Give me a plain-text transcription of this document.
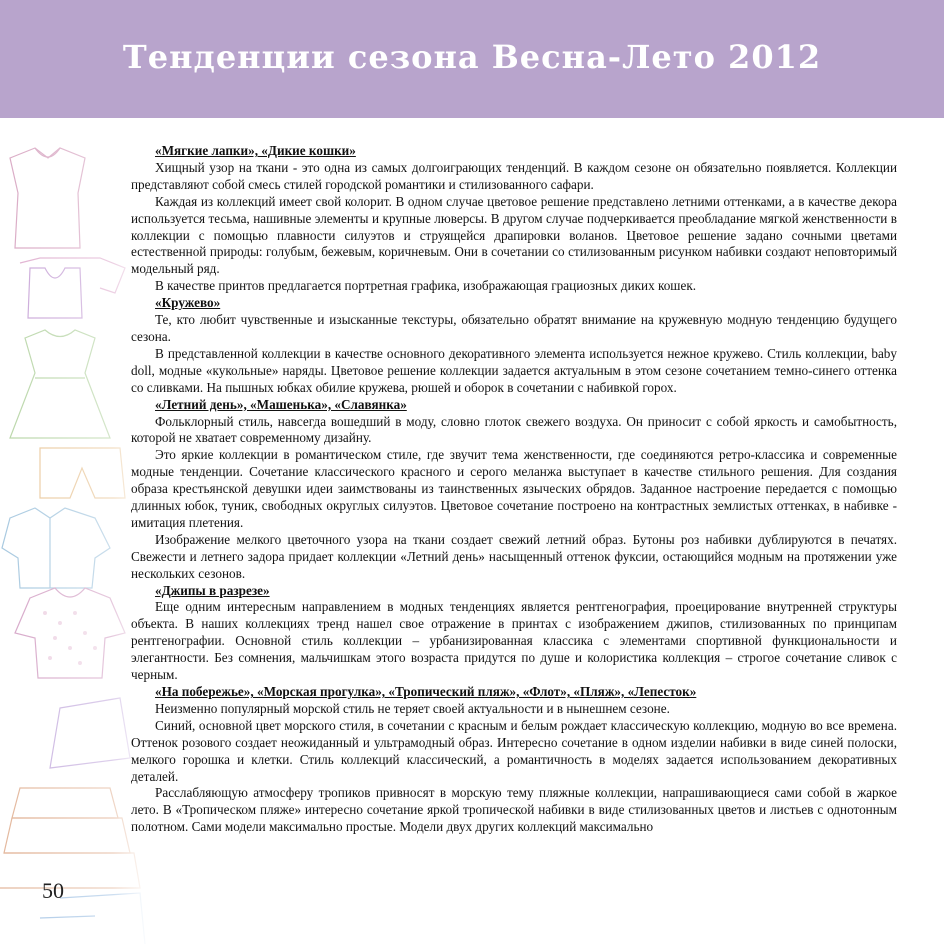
Тенденции сезона Весна-Лето 2012
50
«Мягкие лапки», «Дикие кошки»

Хищный узор на ткани - это одна из самых долгоиграющих тенденций. В каждом сезоне он обязательно появляется. Коллекции представляют собой смесь стилей городской романтики и стилизованного сафари.

Каждая из коллекций имеет свой колорит. В одном случае цветовое решение представлено летними оттенками, а в качестве декора используется тесьма, нашивные элементы и крупные люверсы. В другом случае подчеркивается преобладание мягкой женственности в коллекции с помощью плавности силуэтов и струящейся драпировки воланов. Цветовое решение задано сочными цветами естественной природы: голубым, бежевым, коричневым. Они в сочетании со стилизованным рисунком набивки создают неповторимый модельный ряд.

В качестве принтов предлагается портретная графика, изображающая грациозных диких кошек.

«Кружево»

Те, кто любит чувственные и изысканные текстуры, обязательно обратят внимание на кружевную модную тенденцию будущего сезона.

В представленной коллекции в качестве основного декоративного элемента используется нежное кружево. Стиль коллекции, baby doll, модные «кукольные» наряды. Цветовое решение коллекции задается актуальным в этом сезоне сочетанием темно-синего оттенка со сливками. На пышных юбках обилие кружева, рюшей и оборок в сочетании с набивкой горох.

«Летний день», «Машенька», «Славянка»

Фольклорный стиль, навсегда вошедший в моду, словно глоток свежего воздуха. Он приносит с собой яркость и самобытность, которой не хватает современному дизайну.

Это яркие коллекции в романтическом стиле, где звучит тема женственности, где соединяются ретро-классика и современные модные тенденции. Сочетание классического красного и серого меланжа выступает в качестве стильного решения. Для создания образа крестьянской девушки идеи заимствованы из таинственных языческих обрядов. Заданное настроение передается с помощью длинных юбок, туник, свободных округлых силуэтов. Цветовое сочетание построено на контрастных землистых оттенках, в набивке - имитация плетения.

Изображение мелкого цветочного узора на ткани создает свежий летний образ. Бутоны роз набивки дублируются в печатях. Свежести и летнего задора придает коллекции «Летний день» насыщенный оттенок фуксии, остающийся модным на протяжении уже нескольких сезонов.

«Джипы в разрезе»

Еще одним интересным направлением в модных тенденциях является рентгенография, проецирование внутренней структуры объекта. В наших коллекциях тренд нашел свое отражение в принтах с изображением джипов, стилизованных по принципам рентгенографии. Основной стиль коллекции – урбанизированная классика с элементами спортивной функциональности и элегантности. Без сомнения, мальчишкам этого возраста придутся по душе и колористика коллекция – строгое сочетание сливок с черным.

«На побережье», «Морская прогулка», «Тропический пляж», «Флот», «Пляж», «Лепесток»

Неизменно популярный морской стиль не теряет своей актуальности и в нынешнем сезоне.

Синий, основной цвет морского стиля, в сочетании с красным и белым рождает классическую коллекцию, модную во все времена. Оттенок розового создает неожиданный и ультрамодный образ. Интересно сочетание в одном изделии набивки в виде синей полоски, мелкого горошка и клетки. Стиль коллекций классический, а романтичность в моделях задается использованием декоративных деталей.

Расслабляющую атмосферу тропиков привносят в морскую тему пляжные коллекции, напрашивающиеся сами собой в жаркое лето. В «Тропическом пляже» интересно сочетание яркой тропической набивки в виде стилизованных цветов и листьев с однотонным полотном. Сами модели максимально простые. Модели двух других коллекций максимально
